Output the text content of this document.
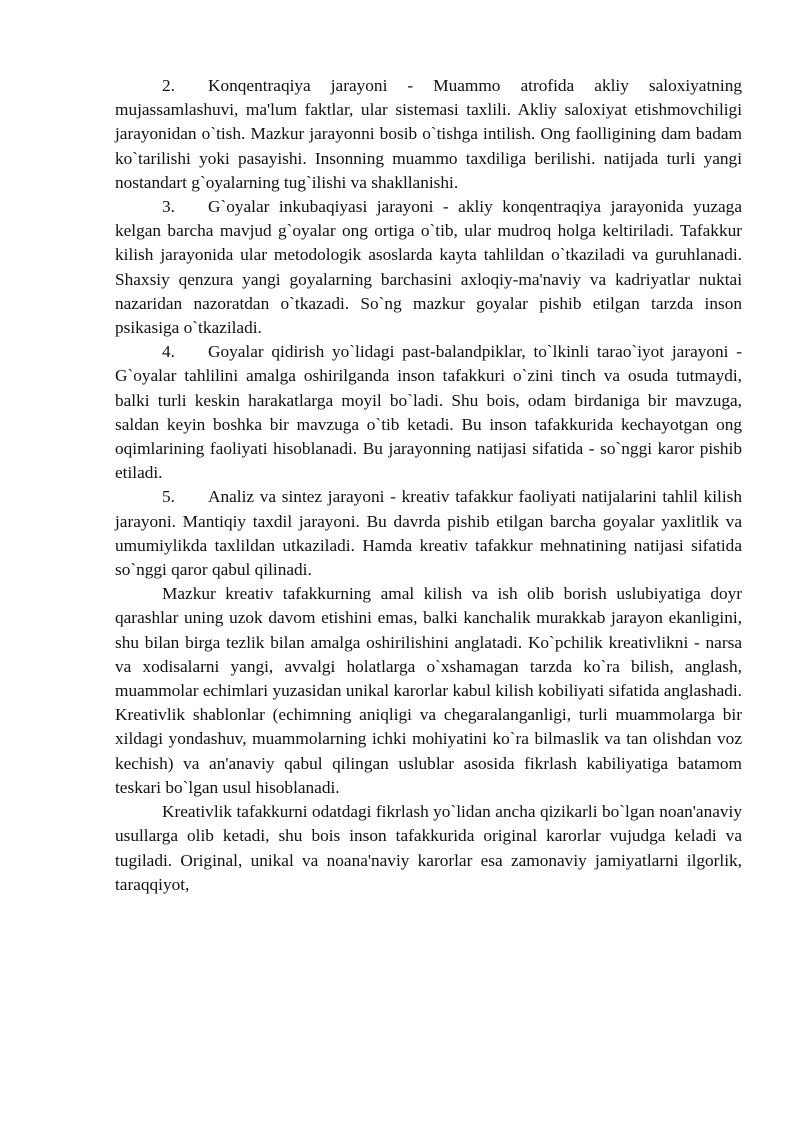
2. Konqentraqiya jarayoni - Muammo atrofida akliy saloxiyatning mujassamlashuvi, ma'lum faktlar, ular sistemasi taxlili. Akliy saloxiyat etishmovchiligi jarayonidan o`tish. Mazkur jarayonni bosib o`tishga intilish. Ong faolligining dam badam ko`tarilishi yoki pasayishi. Insonning muammo taxdiliga berilishi. natijada turli yangi nostandart g`oyalarning tug`ilishi va shakllanishi.

3. G`oyalar inkubaqiyasi jarayoni - akliy konqentraqiya jarayonida yuzaga kelgan barcha mavjud g`oyalar ong ortiga o`tib, ular mudroq holga keltiriladi. Tafakkur kilish jarayonida ular metodologik asoslarda kayta tahlildan o`tkaziladi va guruhlanadi. Shaxsiy qenzura yangi goyalarning barchasini axloqiy-ma'naviy va kadriyatlar nuktai nazaridan nazoratdan o`tkazadi. So`ng mazkur goyalar pishib etilgan tarzda inson psikasiga o`tkaziladi.

4. Goyalar qidirish yo`lidagi past-balandpiklar, to`lkinli tarao`iyot jarayoni - G`oyalar tahlilini amalga oshirilganda inson tafakkuri o`zini tinch va osuda tutmaydi, balki turli keskin harakatlarga moyil bo`ladi. Shu bois, odam birdaniga bir mavzuga, saldan keyin boshka bir mavzuga o`tib ketadi. Bu inson tafakkurida kechayotgan ong oqimlarining faoliyati hisoblanadi. Bu jarayonning natijasi sifatida - so`nggi karor pishib etiladi.

5. Analiz va sintez jarayoni - kreativ tafakkur faoliyati natijalarini tahlil kilish jarayoni. Mantiqiy taxdil jarayoni. Bu davrda pishib etilgan barcha goyalar yaxlitlik va umumiylikda taxlildan utkaziladi. Hamda kreativ tafakkur mehnatining natijasi sifatida so`nggi qaror qabul qilinadi.

Mazkur kreativ tafakkurning amal kilish va ish olib borish uslubiyatiga doyr qarashlar uning uzok davom etishini emas, balki kanchalik murakkab jarayon ekanligini, shu bilan birga tezlik bilan amalga oshirilishini anglatadi. Ko`pchilik kreativlikni - narsa va xodisalarni yangi, avvalgi holatlarga o`xshamagan tarzda ko`ra bilish, anglash, muammolar echimlari yuzasidan unikal karorlar kabul kilish kobiliyati sifatida anglashadi. Kreativlik shablonlar (echimning aniqligi va chegaralanganligi, turli muammolarga bir xildagi yondashuv, muammolarning ichki mohiyatini ko`ra bilmaslik va tan olishdan voz kechish) va an'anaviy qabul qilingan uslublar asosida fikrlash kabiliyatiga batamom teskari bo`lgan usul hisoblanadi.

Kreativlik tafakkurni odatdagi fikrlash yo`lidan ancha qizikarli bo`lgan noan'anaviy usullarga olib ketadi, shu bois inson tafakkurida original karorlar vujudga keladi va tugiladi. Original, unikal va noana'naviy karorlar esa zamonaviy jamiyatlarni ilgorlik, taraqqiyot,
